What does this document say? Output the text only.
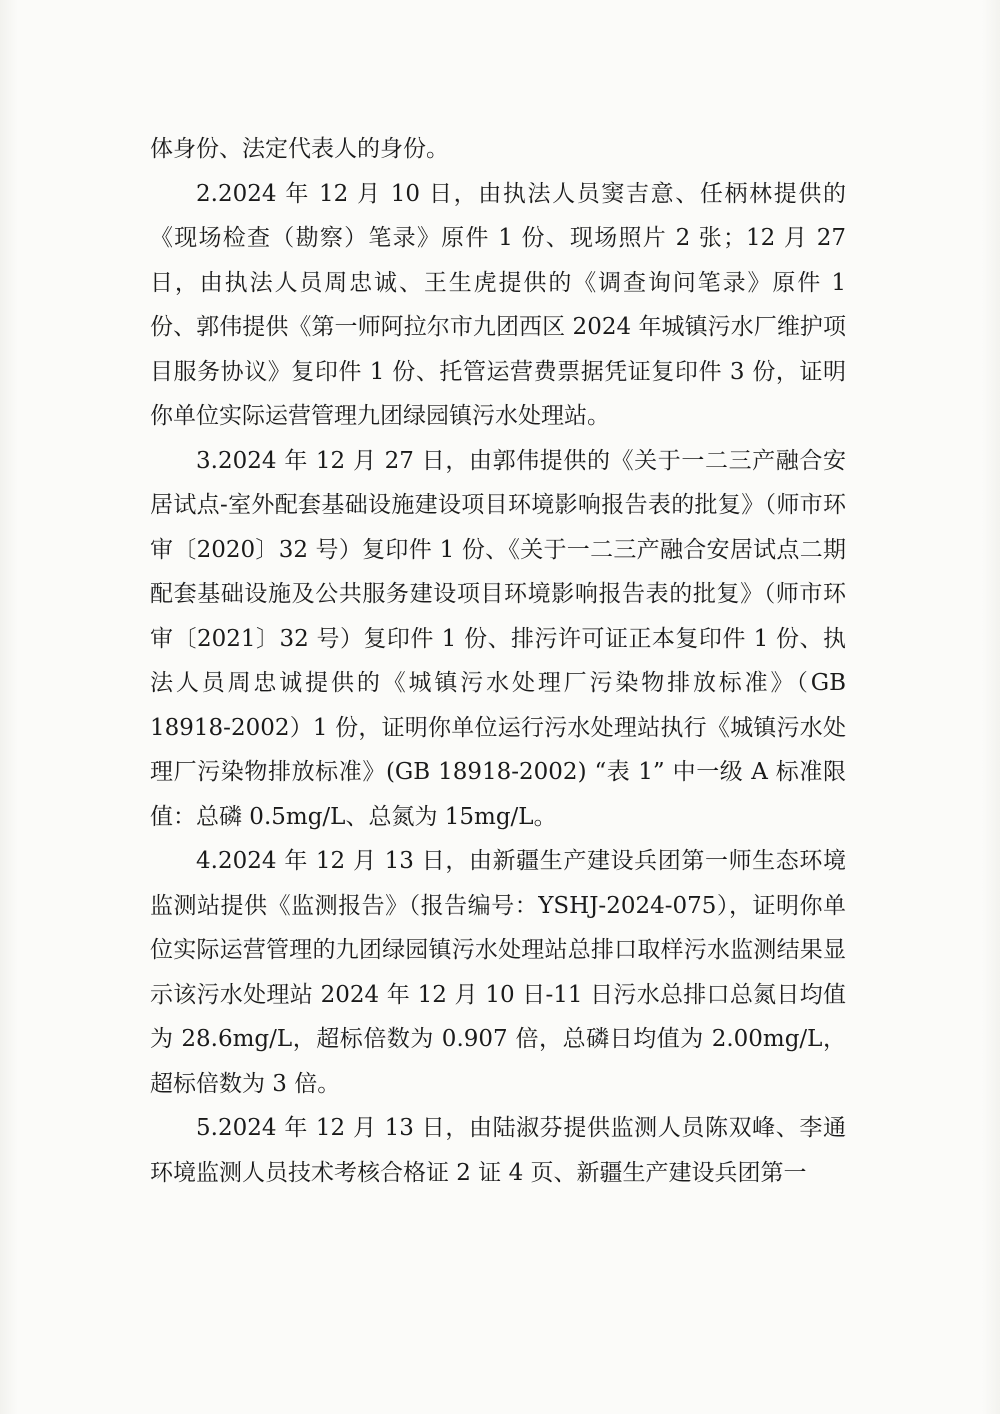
体身份、法定代表人的身份。

2.2024 年 12 月 10 日，由执法人员窦吉意、任柄林提供的《现场检查（勘察）笔录》原件 1 份、现场照片 2 张；12 月 27 日，由执法人员周忠诚、王生虎提供的《调查询问笔录》原件 1 份、郭伟提供《第一师阿拉尔市九团西区 2024 年城镇污水厂维护项目服务协议》复印件 1 份、托管运营费票据凭证复印件 3 份，证明你单位实际运营管理九团绿园镇污水处理站。

3.2024 年 12 月 27 日，由郭伟提供的《关于一二三产融合安居试点-室外配套基础设施建设项目环境影响报告表的批复》（师市环审〔2020〕32 号）复印件 1 份、《关于一二三产融合安居试点二期配套基础设施及公共服务建设项目环境影响报告表的批复》（师市环审〔2021〕32 号）复印件 1 份、排污许可证正本复印件 1 份、执法人员周忠诚提供的《城镇污水处理厂污染物排放标准》（GB 18918-2002）1 份，证明你单位运行污水处理站执行《城镇污水处理厂污染物排放标准》(GB 18918-2002) “表 1” 中一级 A 标准限值：总磷 0.5mg/L、总氮为 15mg/L。

4.2024 年 12 月 13 日，由新疆生产建设兵团第一师生态环境监测站提供《监测报告》（报告编号：YSHJ-2024-075），证明你单位实际运营管理的九团绿园镇污水处理站总排口取样污水监测结果显示该污水处理站 2024 年 12 月 10 日-11 日污水总排口总氮日均值为 28.6mg/L，超标倍数为 0.907 倍，总磷日均值为 2.00mg/L，超标倍数为 3 倍。

5.2024 年 12 月 13 日，由陆淑芬提供监测人员陈双峰、李通环境监测人员技术考核合格证 2 证 4 页、新疆生产建设兵团第一
